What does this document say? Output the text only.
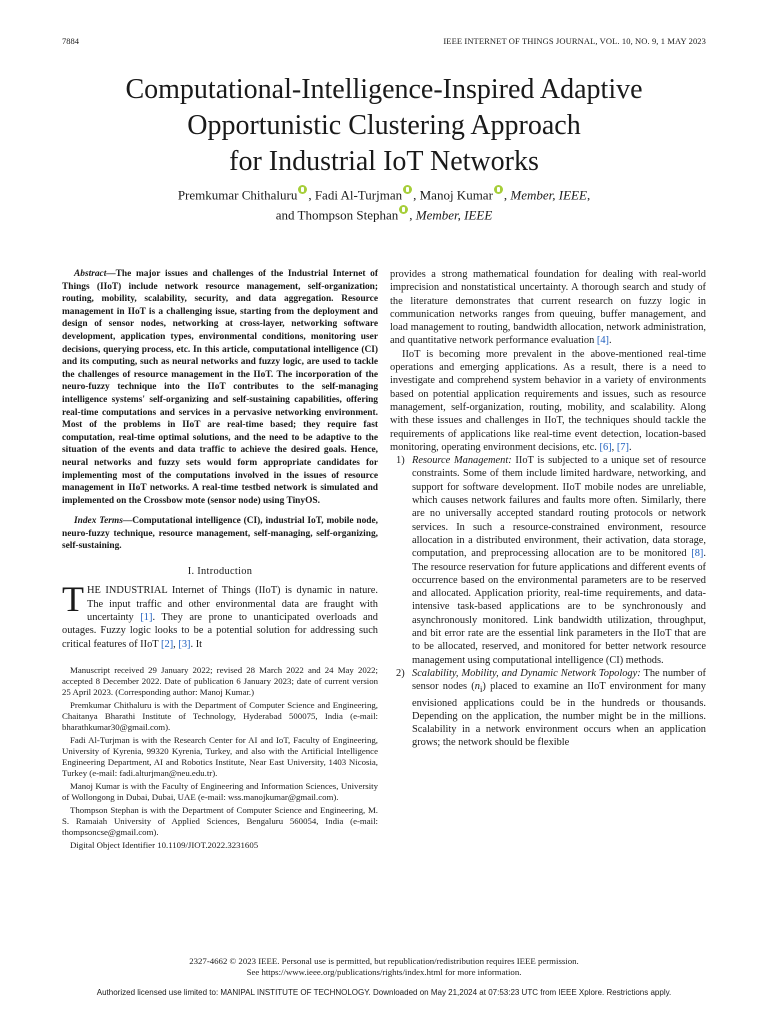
7884	IEEE INTERNET OF THINGS JOURNAL, VOL. 10, NO. 9, 1 MAY 2023
Computational-Intelligence-Inspired Adaptive
Opportunistic Clustering Approach
for Industrial IoT Networks
Premkumar Chithaluru , Fadi Al-Turjman , Manoj Kumar , Member, IEEE,
and Thompson Stephan , Member, IEEE

Abstract—The major issues and challenges of the Industrial Internet of Things (IIoT) include network resource management, self-organization; routing, mobility, scalability, security, and data aggregation. Resource management in IIoT is a challenging issue, starting from the deployment and design of sensor nodes, networking at cross-layer, networking software development, application types, environmental conditions, monitoring user decisions, querying process, etc. In this article, computational intelligence (CI) and its computing, such as neural networks and fuzzy logic, are used to tackle the challenges of resource management in the IIoT. The incorporation of the neuro-fuzzy technique into the IIoT contributes to the self-managing intelligence systems' self-organizing and self-sustaining capabilities, offering real-time computations and services in a pervasive networking environment. Most of the problems in IIoT are real-time based; they require fast computation, real-time optimal solutions, and the need to be adaptive to the situation of the events and data traffic to achieve the desired goals. Hence, neural networks and fuzzy sets would form appropriate candidates for implementing most of the computations involved in the issues of resource management in IIoT networks. A real-time testbed network is simulated and implemented on the Crossbow mote (sensor node) using TinyOS.

Index Terms—Computational intelligence (CI), industrial IoT, mobile node, neuro-fuzzy technique, resource management, self-managing, self-organizing, self-sustaining.

I. Introduction

THE INDUSTRIAL Internet of Things (IIoT) is dynamic in nature. The input traffic and other environmental data are fraught with uncertainty [1]. They are prone to unanticipated overloads and outages. Fuzzy logic looks to be a potential solution for addressing such critical features of IIoT [2], [3]. It

Manuscript received 29 January 2022; revised 28 March 2022 and 24 May 2022; accepted 8 December 2022. Date of publication 6 January 2023; date of current version 25 April 2023. (Corresponding author: Manoj Kumar.)

Premkumar Chithaluru is with the Department of Computer Science and Engineering, Chaitanya Bharathi Institute of Technology, Hyderabad 500075, India (e-mail: bharathkumar30@gmail.com).

Fadi Al-Turjman is with the Research Center for AI and IoT, Faculty of Engineering, University of Kyrenia, 99320 Kyrenia, Turkey, and also with the Artificial Intelligence Engineering Department, AI and Robotics Institute, Near East University, 1403 Nicosia, Turkey (e-mail: fadi.alturjman@neu.edu.tr).

Manoj Kumar is with the Faculty of Engineering and Information Sciences, University of Wollongong in Dubai, Dubai, UAE (e-mail: wss.manojkumar@gmail.com).

Thompson Stephan is with the Department of Computer Science and Engineering, M. S. Ramaiah University of Applied Sciences, Bengaluru 560054, India (e-mail: thompsoncse@gmail.com).

Digital Object Identifier 10.1109/JIOT.2022.3231605

provides a strong mathematical foundation for dealing with real-world imprecision and nonstatistical uncertainty. A thorough search and study of the literature demonstrates that current research on fuzzy logic in communication networks ranges from queuing, buffer management, and load management to routing, bandwidth allocation, network administration, and quantitative network performance evaluation [4].

IIoT is becoming more prevalent in the above-mentioned real-time operations and emerging applications. As a result, there is a need to investigate and comprehend system behavior in a variety of environments based on potential application requirements and issues, such as resource management, self-organization, routing, mobility, and scalability. Along with these issues and challenges in IIoT, the techniques should tackle the requirements of applications like real-time event detection, location-based monitoring, operating environment decisions, etc. [6], [7].

1) Resource Management: IIoT is subjected to a unique set of resource constraints. Some of them include limited hardware, networking, and support for software development. IIoT mobile nodes are unreliable, which causes network failures and faults more often. Similarly, there are no universally accepted standard routing protocols or network services. In such a resource-constrained environment, resource allocation in a distributed environment, their activation, data storage, computation, and preprocessing allocation are to be monitored [8]. The resource reservation for future applications and different events of occurrence based on the environmental parameters are to be reserved and allocated. Application priority, real-time requirements, and data-intensive task-based applications are to be synchronously and asynchronously monitored. Link bandwidth utilization, throughput, and bit error rate are the essential link parameters in the IIoT that are to be allocated, reserved, and monitored for better network resource management using computational intelligence (CI) methods.

2) Scalability, Mobility, and Dynamic Network Topology: The number of sensor nodes $(n_i)$ placed to examine an IIoT environment for many envisioned applications could be in the hundreds or thousands. Depending on the application, the number might be in the millions. Scalability in a network environment occurs when an application grows; the network should be flexible

2327-4662 © 2023 IEEE. Personal use is permitted, but republication/redistribution requires IEEE permission.
See https://www.ieee.org/publications/rights/index.html for more information.
Authorized licensed use limited to: MANIPAL INSTITUTE OF TECHNOLOGY. Downloaded on May 21,2024 at 07:53:23 UTC from IEEE Xplore. Restrictions apply.
